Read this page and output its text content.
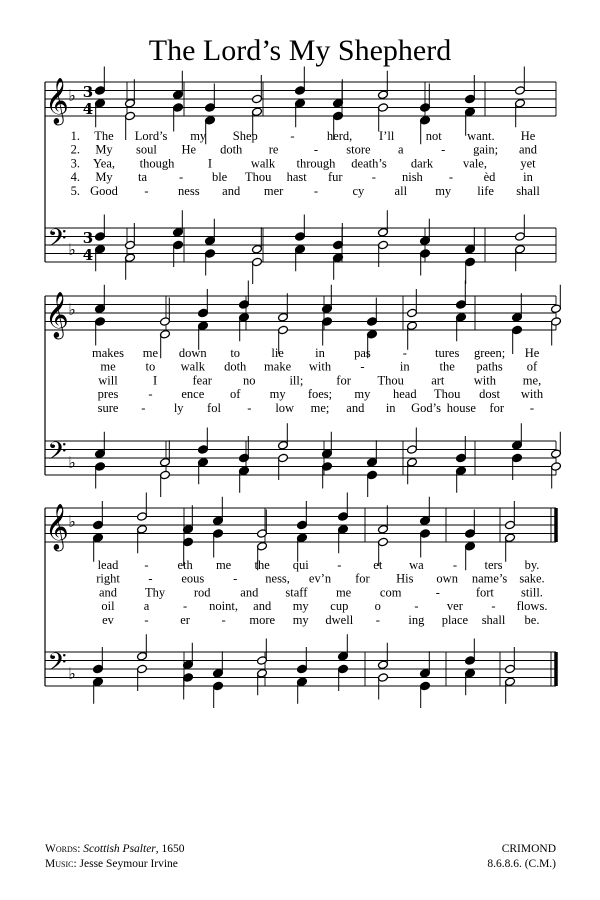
The Lord’s My Shepherd
𝄞
𝄢
♭
♭
3
4
3
4
1. The Lord’s my Shep	-	herd, I’ll	not want. He
2. My soul He doth re	- store a	- gain; and
3. Yea, though	I	walk through death’s dark vale,	yet
4. My ta	- ble Thou hast fur - nish - èd in
5. Good - ness and mer -	cy all my life shall
𝄞
𝄢
♭
♭
makes me down to	lie	in pas	- tures green; He
me to walk doth make with -	in the paths of
will	I	fear no	ill;	for Thou art with me,
pres - ence of my foes; my head Thou dost with
sure - ly fol - low me; and in God’s house for -
𝄞
𝄢
♭
♭
lead - eth me the qui -	et wa - ters by.
right - eous - ness, ev’n for His own name’s sake.
and Thy rod and staff me com	-	fort still.
oil a	- noint, and my cup o	- ver - flows.
ev -	er	- more my dwell - ing place shall be.
Words: Scottish Psalter, 1650
Music: Jesse Seymour Irvine
CRIMOND
8.6.8.6. (C.M.)
